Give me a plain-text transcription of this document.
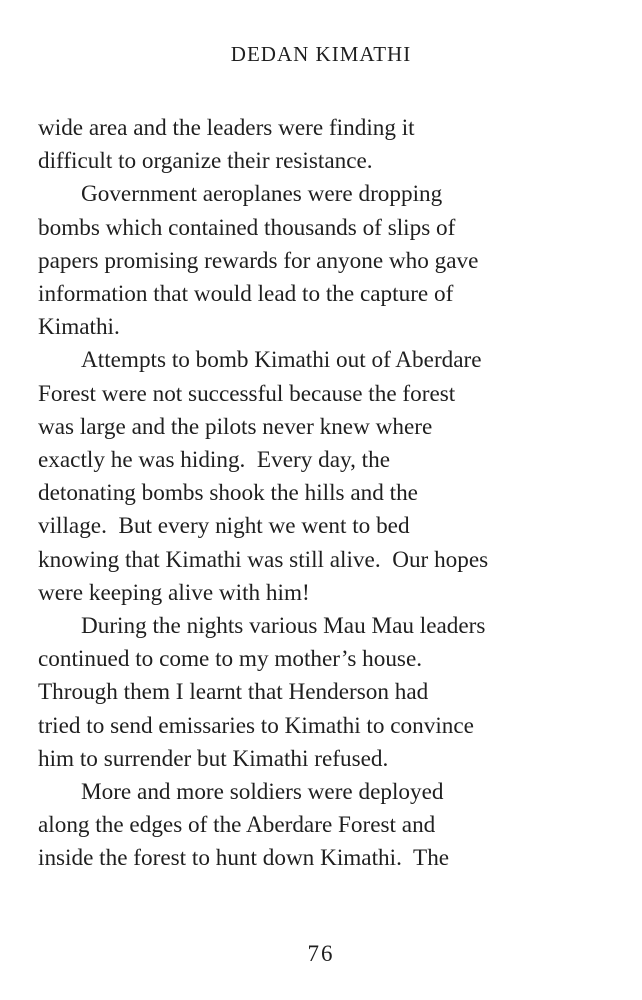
DEDAN KIMATHI
wide area and the leaders were finding it
difficult to organize their resistance.
Government aeroplanes were dropping
bombs which contained thousands of slips of
papers promising rewards for anyone who gave
information that would lead to the capture of
Kimathi.
Attempts to bomb Kimathi out of Aberdare
Forest were not successful because the forest
was large and the pilots never knew where
exactly he was hiding.  Every day, the
detonating bombs shook the hills and the
village.  But every night we went to bed
knowing that Kimathi was still alive.  Our hopes
were keeping alive with him!
During the nights various Mau Mau leaders
continued to come to my mother’s house.
Through them I learnt that Henderson had
tried to send emissaries to Kimathi to convince
him to surrender but Kimathi refused.
More and more soldiers were deployed
along the edges of the Aberdare Forest and
inside the forest to hunt down Kimathi.  The
76
